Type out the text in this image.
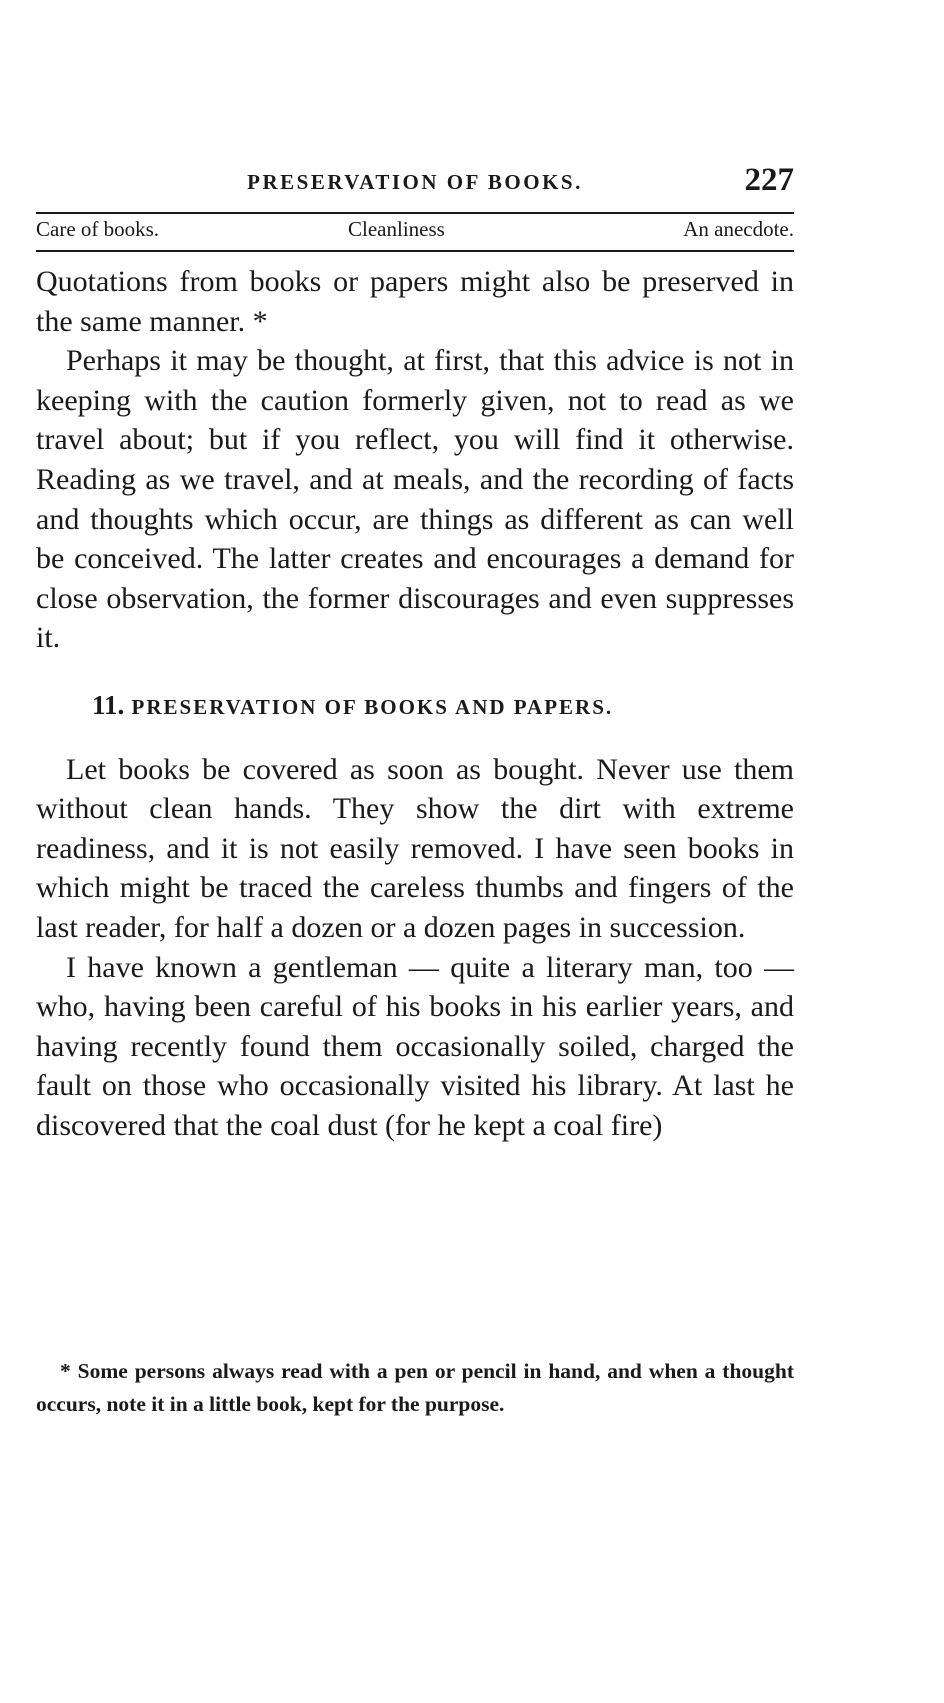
PRESERVATION OF BOOKS.	227
Care of books.	Cleanliness	An anecdote.

Quotations from books or papers might also be preserved in the same manner. *

Perhaps it may be thought, at first, that this advice is not in keeping with the caution formerly given, not to read as we travel about; but if you reflect, you will find it otherwise. Reading as we travel, and at meals, and the recording of facts and thoughts which occur, are things as different as can well be conceived. The latter creates and encourages a demand for close observation, the former discourages and even suppresses it.

11. PRESERVATION OF BOOKS AND PAPERS.

Let books be covered as soon as bought. Never use them without clean hands. They show the dirt with extreme readiness, and it is not easily removed. I have seen books in which might be traced the careless thumbs and fingers of the last reader, for half a dozen or a dozen pages in succession.

I have known a gentleman — quite a literary man, too — who, having been careful of his books in his earlier years, and having recently found them occasionally soiled, charged the fault on those who occasionally visited his library. At last he discovered that the coal dust (for he kept a coal fire)

* Some persons always read with a pen or pencil in hand, and when a thought occurs, note it in a little book, kept for the purpose.
